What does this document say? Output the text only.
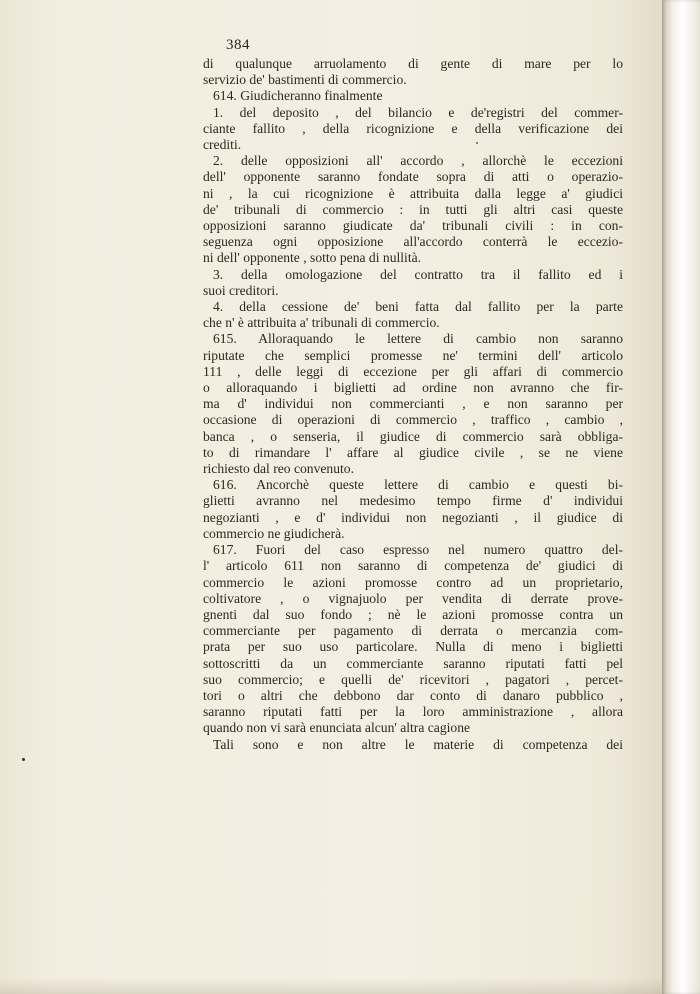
384
di qualunque arruolamento di gente di mare per lo
servizio de' bastimenti di commercio.
614. Giudicheranno finalmente
1. del deposito , del bilancio e de'registri del commer-
ciante fallito , della ricognizione e della verificazione dei
crediti.
2. delle opposizioni all' accordo , allorchè le eccezioni
dell' opponente saranno fondate sopra di atti o operazio-
ni , la cui ricognizione è attribuita dalla legge a' giudici
de' tribunali di commercio : in tutti gli altri casi queste
opposizioni saranno giudicate da' tribunali civili : in con-
seguenza ogni opposizione all'accordo conterrà le eccezio-
ni dell' opponente , sotto pena di nullità.
3. della omologazione del contratto tra il fallito ed i
suoi creditori.
4. della cessione de' beni fatta dal fallito per la parte
che n' è attribuita a' tribunali di commercio.
615. Alloraquando le lettere di cambio non saranno
riputate che semplici promesse ne' termini dell' articolo
111 , delle leggi di eccezione per gli affari di commercio
o alloraquando i biglietti ad ordine non avranno che fir-
ma d' individui non commercianti , e non saranno per
occasione di operazioni di commercio , traffico , cambio ,
banca , o senseria, il giudice di commercio sarà obbliga-
to di rimandare l' affare al giudice civile , se ne viene
richiesto dal reo convenuto.
616. Ancorchè queste lettere di cambio e questi bi-
glietti avranno nel medesimo tempo firme d' individui
negozianti , e d' individui non negozianti , il giudice di
commercio ne giudicherà.
617. Fuori del caso espresso nel numero quattro del-
l' articolo 611 non saranno di competenza de' giudici di
commercio le azioni promosse contro ad un proprietario,
coltivatore , o vignajuolo per vendita di derrate prove-
gnenti dal suo fondo ; nè le azioni promosse contra un
commerciante per pagamento di derrata o mercanzia com-
prata per suo uso particolare. Nulla di meno i biglietti
sottoscritti da un commerciante saranno riputati fatti pel
suo commercio; e quelli de' ricevitori , pagatori , percet-
tori o altri che debbono dar conto di danaro pubblico ,
saranno riputati fatti per la loro amministrazione , allora
quando non vi sarà enunciata alcun' altra cagione
Tali sono e non altre le materie di competenza dei
